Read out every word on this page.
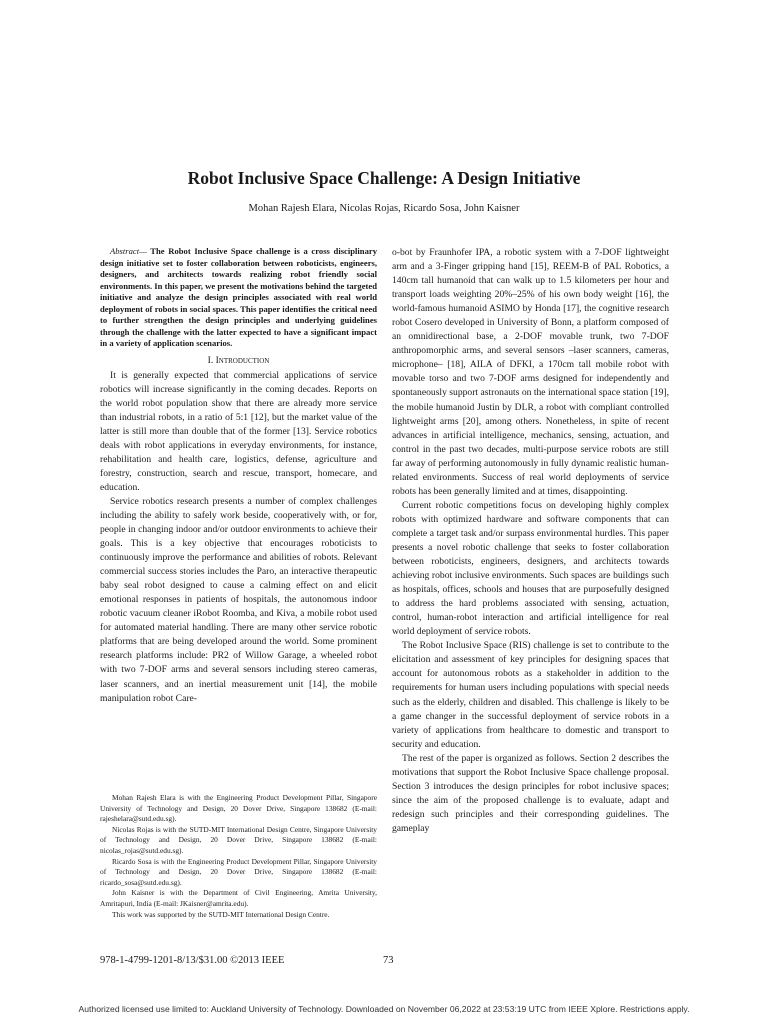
Robot Inclusive Space Challenge: A Design Initiative
Mohan Rajesh Elara, Nicolas Rojas, Ricardo Sosa, John Kaisner

Abstract— The Robot Inclusive Space challenge is a cross disciplinary design initiative set to foster collaboration between roboticists, engineers, designers, and architects towards realizing robot friendly social environments. In this paper, we present the motivations behind the targeted initiative and analyze the design principles associated with real world deployment of robots in social spaces. This paper identifies the critical need to further strengthen the design principles and underlying guidelines through the challenge with the latter expected to have a significant impact in a variety of application scenarios.

I. Introduction

It is generally expected that commercial applications of service robotics will increase significantly in the coming decades. Reports on the world robot population show that there are already more service than industrial robots, in a ratio of 5:1 [12], but the market value of the latter is still more than double that of the former [13]. Service robotics deals with robot applications in everyday environments, for instance, rehabilitation and health care, logistics, defense, agriculture and forestry, construction, search and rescue, transport, homecare, and education.

Service robotics research presents a number of complex challenges including the ability to safely work beside, cooperatively with, or for, people in changing indoor and/or outdoor environments to achieve their goals. This is a key objective that encourages roboticists to continuously improve the performance and abilities of robots. Relevant commercial success stories includes the Paro, an interactive therapeutic baby seal robot designed to cause a calming effect on and elicit emotional responses in patients of hospitals, the autonomous indoor robotic vacuum cleaner iRobot Roomba, and Kiva, a mobile robot used for automated material handling. There are many other service robotic platforms that are being developed around the world. Some prominent research platforms include: PR2 of Willow Garage, a wheeled robot with two 7-DOF arms and several sensors including stereo cameras, laser scanners, and an inertial measurement unit [14], the mobile manipulation robot Care-

Mohan Rajesh Elara is with the Engineering Product Development Pillar, Singapore University of Technology and Design, 20 Dover Drive, Singapore 138682 (E-mail: rajeshelara@sutd.edu.sg).

Nicolas Rojas is with the SUTD-MIT International Design Centre, Singapore University of Technology and Design, 20 Dover Drive, Singapore 138682 (E-mail: nicolas_rojas@sutd.edu.sg).

Ricardo Sosa is with the Engineering Product Development Pillar, Singapore University of Technology and Design, 20 Dover Drive, Singapore 138682 (E-mail: ricardo_sosa@sutd.edu.sg).

John Kaisner is with the Department of Civil Engineering, Amrita University, Amritapuri, India (E-mail: JKaisner@amrita.edu).

This work was supported by the SUTD-MIT International Design Centre.

o-bot by Fraunhofer IPA, a robotic system with a 7-DOF lightweight arm and a 3-Finger gripping hand [15], REEM-B of PAL Robotics, a 140cm tall humanoid that can walk up to 1.5 kilometers per hour and transport loads weighting 20%–25% of his own body weight [16], the world-famous humanoid ASIMO by Honda [17], the cognitive research robot Cosero developed in University of Bonn, a platform composed of an omnidirectional base, a 2-DOF movable trunk, two 7-DOF anthropomorphic arms, and several sensors –laser scanners, cameras, microphone– [18], AILA of DFKI, a 170cm tall mobile robot with movable torso and two 7-DOF arms designed for independently and spontaneously support astronauts on the international space station [19], the mobile humanoid Justin by DLR, a robot with compliant controlled lightweight arms [20], among others. Nonetheless, in spite of recent advances in artificial intelligence, mechanics, sensing, actuation, and control in the past two decades, multi-purpose service robots are still far away of performing autonomously in fully dynamic realistic human-related environments. Success of real world deployments of service robots has been generally limited and at times, disappointing.

Current robotic competitions focus on developing highly complex robots with optimized hardware and software components that can complete a target task and/or surpass environmental hurdles. This paper presents a novel robotic challenge that seeks to foster collaboration between roboticists, engineers, designers, and architects towards achieving robot inclusive environments. Such spaces are buildings such as hospitals, offices, schools and houses that are purposefully designed to address the hard problems associated with sensing, actuation, control, human-robot interaction and artificial intelligence for real world deployment of service robots.

The Robot Inclusive Space (RIS) challenge is set to contribute to the elicitation and assessment of key principles for designing spaces that account for autonomous robots as a stakeholder in addition to the requirements for human users including populations with special needs such as the elderly, children and disabled. This challenge is likely to be a game changer in the successful deployment of service robots in a variety of applications from healthcare to domestic and transport to security and education.

The rest of the paper is organized as follows. Section 2 describes the motivations that support the Robot Inclusive Space challenge proposal. Section 3 introduces the design principles for robot inclusive spaces; since the aim of the proposed challenge is to evaluate, adapt and redesign such principles and their corresponding guidelines. The gameplay

978-1-4799-1201-8/13/$31.00 ©2013 IEEE	73
Authorized licensed use limited to: Auckland University of Technology. Downloaded on November 06,2022 at 23:53:19 UTC from IEEE Xplore. Restrictions apply.
